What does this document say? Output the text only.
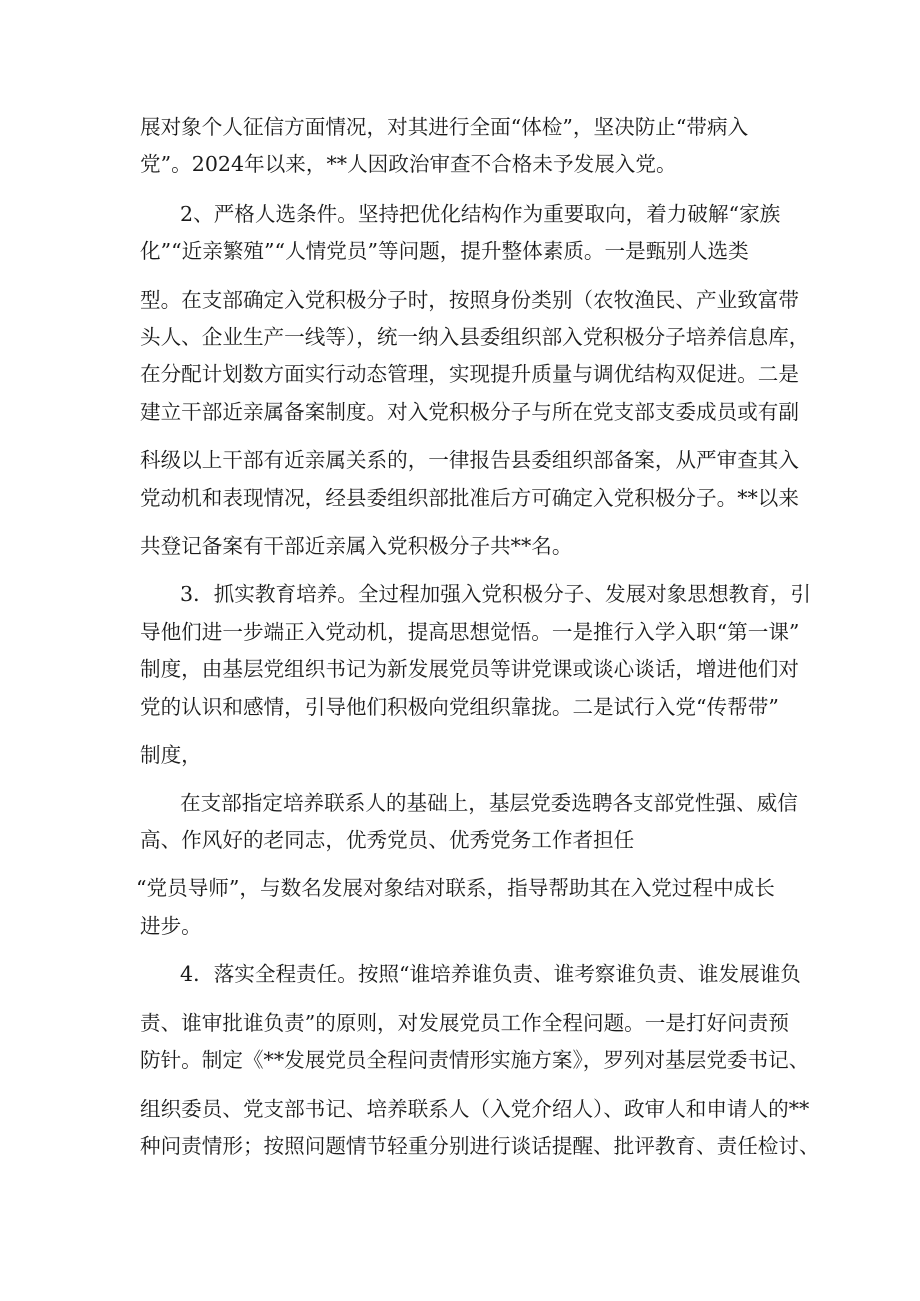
展对象个人征信方面情况，对其进行全面“体检”，坚决防止“带病入

党”。2024年以来，**人因政治审查不合格未予发展入党。

2、严格人选条件。坚持把优化结构作为重要取向，着力破解“家族

化”“近亲繁殖”“人情党员”等问题，提升整体素质。一是甄别人选类

型。在支部确定入党积极分子时，按照身份类别（农牧渔民、产业致富带

头人、企业生产一线等），统一纳入县委组织部入党积极分子培养信息库，

在分配计划数方面实行动态管理，实现提升质量与调优结构双促进。二是

建立干部近亲属备案制度。对入党积极分子与所在党支部支委成员或有副

科级以上干部有近亲属关系的，一律报告县委组织部备案，从严审查其入

党动机和表现情况，经县委组织部批准后方可确定入党积极分子。**以来

共登记备案有干部近亲属入党积极分子共**名。

3．抓实教育培养。全过程加强入党积极分子、发展对象思想教育，引

导他们进一步端正入党动机，提高思想觉悟。一是推行入学入职“第一课”

制度，由基层党组织书记为新发展党员等讲党课或谈心谈话，增进他们对

党的认识和感情，引导他们积极向党组织靠拢。二是试行入党“传帮带”

制度，

在支部指定培养联系人的基础上，基层党委选聘各支部党性强、威信

高、作风好的老同志，优秀党员、优秀党务工作者担任

“党员导师”，与数名发展对象结对联系，指导帮助其在入党过程中成长

进步。

4．落实全程责任。按照“谁培养谁负责、谁考察谁负责、谁发展谁负

责、谁审批谁负责”的原则，对发展党员工作全程问题。一是打好问责预

防针。制定《**发展党员全程问责情形实施方案》，罗列对基层党委书记、

组织委员、党支部书记、培养联系人（入党介绍人）、政审人和申请人的**

种问责情形；按照问题情节轻重分别进行谈话提醒、批评教育、责任检讨、
